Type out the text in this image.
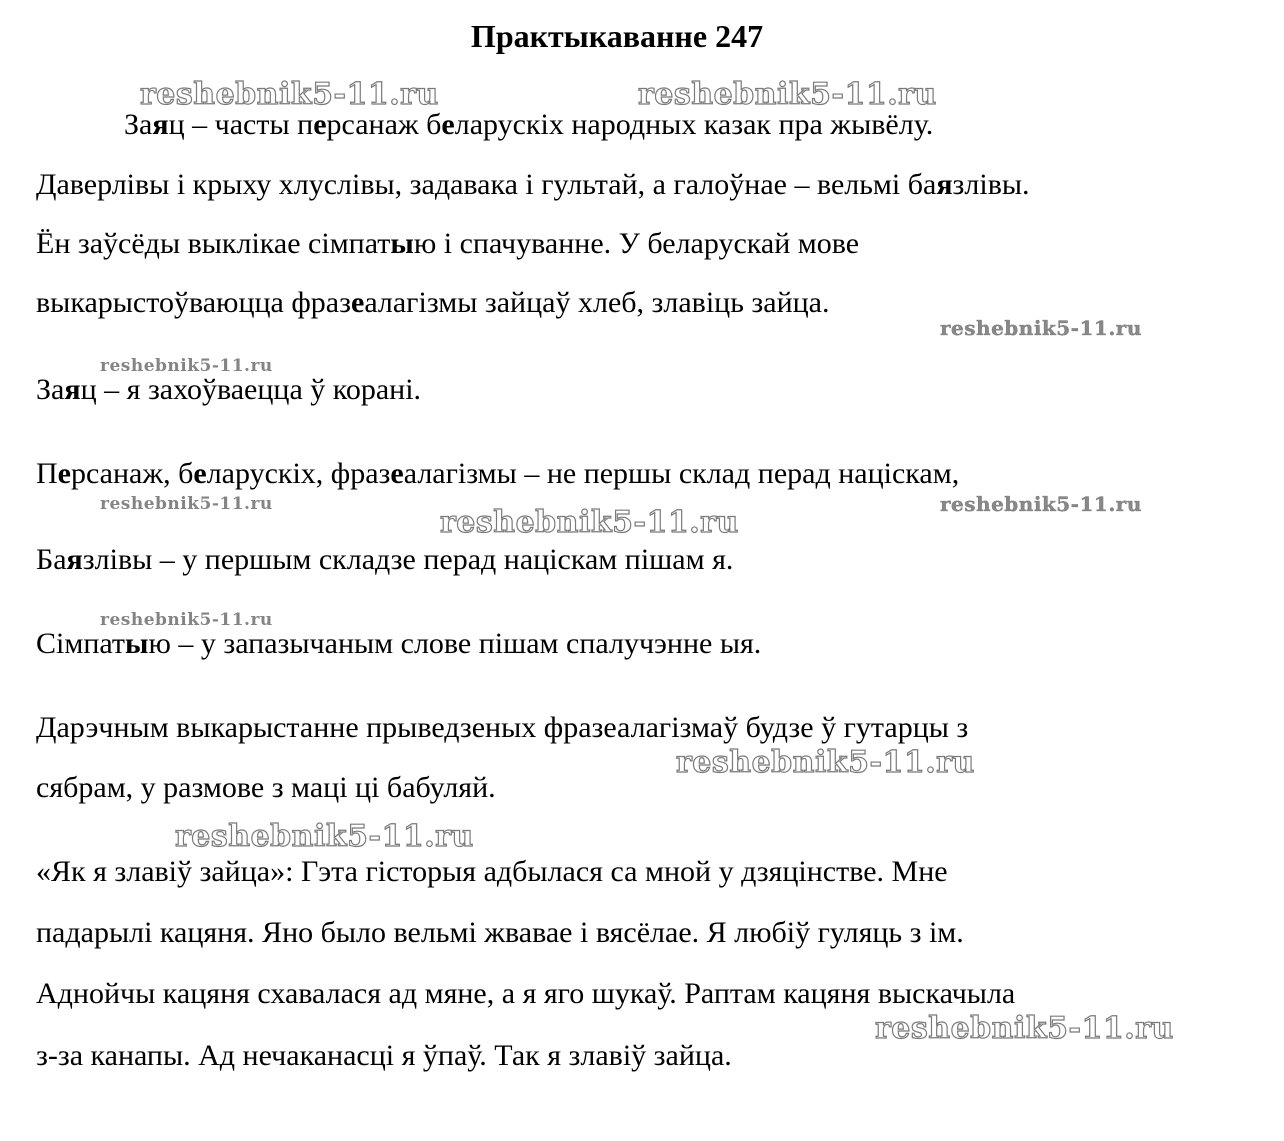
Практыкаванне 247
reshebnik5-11.ru	reshebnik5-11.ru
reshebnik5-11.ru
reshebnik5-11.ru
reshebnik5-11.ru	reshebnik5-11.ru
reshebnik5-11.ru
reshebnik5-11.ru
reshebnik5-11.ru
reshebnik5-11.ru
reshebnik5-11.ru
Заяц – часты персанаж беларускіх народных казак пра жывёлу.
Даверлівы і крыху хлуслівы, задавака і гультай, а галоўнае – вельмі баязлівы.
Ён заўсёды выклікае сімпатыю і спачуванне. У беларускай мове
выкарыстоўваюцца фразеалагізмы зайцаў хлеб, злавіць зайца.
Заяц – я захоўваецца ў корані.
Персанаж, беларускіх, фразеалагізмы – не першы склад перад націскам,
Баязлівы – у першым складзе перад націскам пішам я.
Сімпатыю – у запазычаным слове пішам спалучэнне ыя.
Дарэчным выкарыстанне прыведзеных фразеалагізмаў будзе ў гутарцы з
сябрам, у размове з маці ці бабуляй.
«Як я злавіў зайца»: Гэта гісторыя адбылася са мной у дзяцінстве. Мне
падарылі кацяня. Яно было вельмі жвавае і вясёлае. Я любіў гуляць з ім.
Аднойчы кацяня схавалася ад мяне, а я яго шукаў. Раптам кацяня выскачыла
з-за канапы. Ад нечаканасці я ўпаў. Так я злавіў зайца.
